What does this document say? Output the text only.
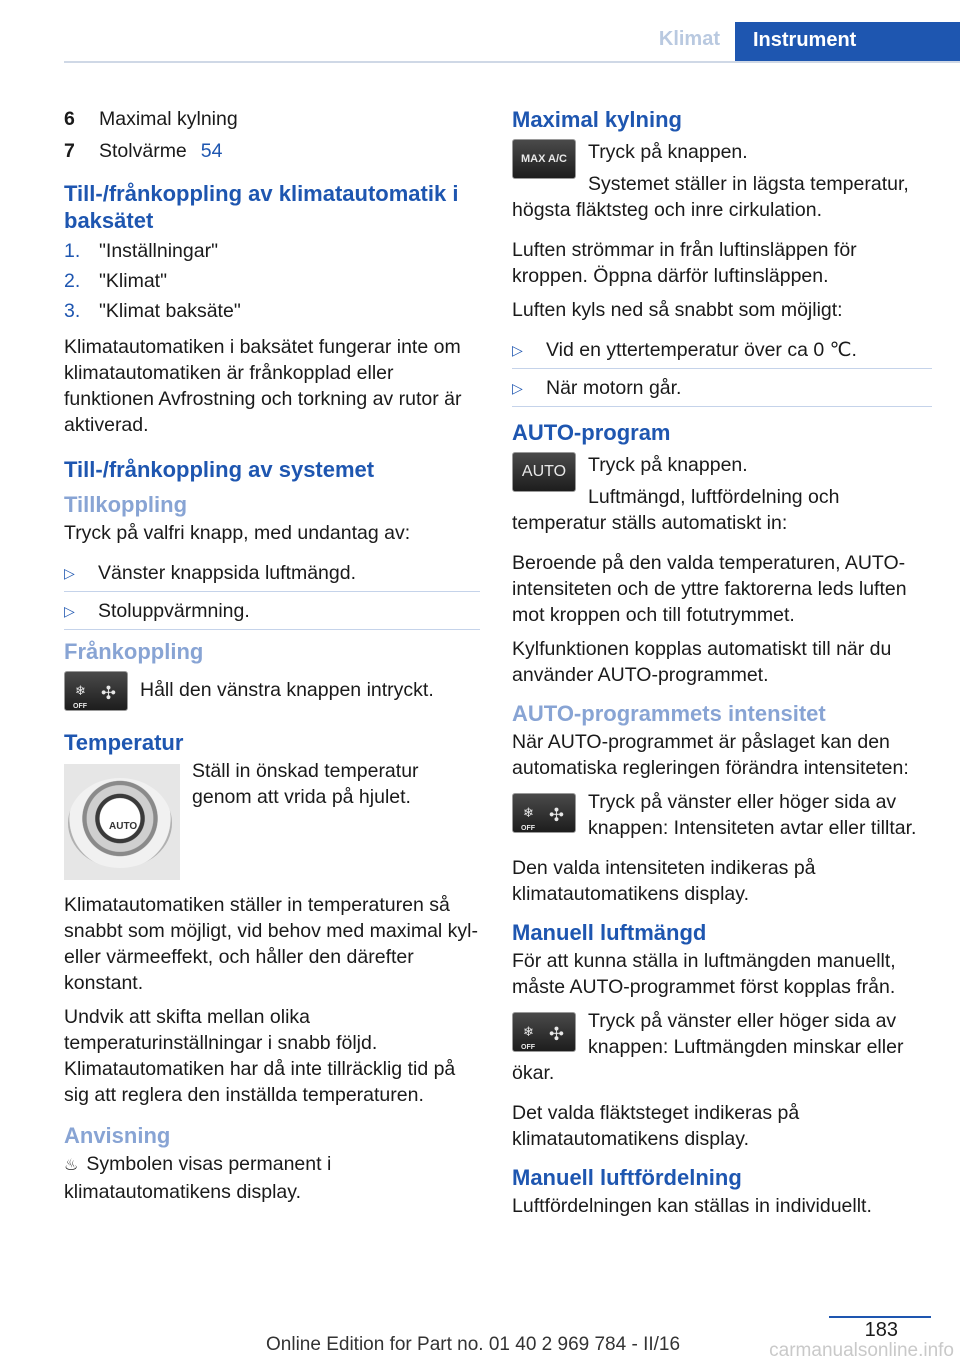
Klimat Instrument
6	Maximal kylning
7	Stolvärme 54
Till-/frånkoppling av klimatautomatik i baksätet
1. "Inställningar"
2. "Klimat"
3. "Klimat baksäte"

Klimatautomatiken i baksätet fungerar inte om klimatautomatiken är frånkopplad eller funktionen Avfrostning och torkning av rutor är aktiverad.

Till-/frånkoppling av systemet
Tillkoppling

Tryck på valfri knapp, med undantag av:

▷	Vänster knappsida luftmängd.
▷	Stoluppvärmning.
Frånkoppling
❄
OFF
✣	Håll den vänstra knappen intryckt.

Temperatur
AUTO

Ställ in önskad temperatur genom att vrida på hjulet.

Klimatautomatiken ställer in temperaturen så snabbt som möjligt, vid behov med maximal kyl- eller värmeeffekt, och håller den därefter konstant.

Undvik att skifta mellan olika temperaturinställningar i snabb följd. Klimatautomatiken har då inte tillräcklig tid på sig att reglera den inställda temperaturen.

Anvisning

♨ Symbolen visas permanent i klimatautomatikens display.

Maximal kylning
MAX A/C	Tryck på knappen.

Systemet ställer in lägsta temperatur, högsta fläktsteg och inre cirkulation.

Luften strömmar in från luftinsläppen för kroppen. Öppna därför luftinsläppen.

Luften kyls ned så snabbt som möjligt:

▷	Vid en yttertemperatur över ca 0 ℃.
▷	När motorn går.
AUTO-program
AUTO	Tryck på knappen.

Luftmängd, luftfördelning och temperatur ställs automatiskt in:

Beroende på den valda temperaturen, AUTO-intensiteten och de yttre faktorerna leds luften mot kroppen och till fotutrymmet.

Kylfunktionen kopplas automatiskt till när du använder AUTO-programmet.

AUTO-programmets intensitet

När AUTO-programmet är påslaget kan den automatiska regleringen förändra intensiteten:

❄
OFF
✣

Tryck på vänster eller höger sida av knappen: Intensiteten avtar eller tilltar.

Den valda intensiteten indikeras på klimatautomatikens display.

Manuell luftmängd

För att kunna ställa in luftmängden manuellt, måste AUTO-programmet först kopplas från.

❄
OFF
✣

Tryck på vänster eller höger sida av knappen: Luftmängden minskar eller ökar.

Det valda fläktsteget indikeras på klimatautomatikens display.

Manuell luftfördelning

Luftfördelningen kan ställas in individuellt.

183
Online Edition for Part no. 01 40 2 969 784 - II/16	carmanualsonline.info
